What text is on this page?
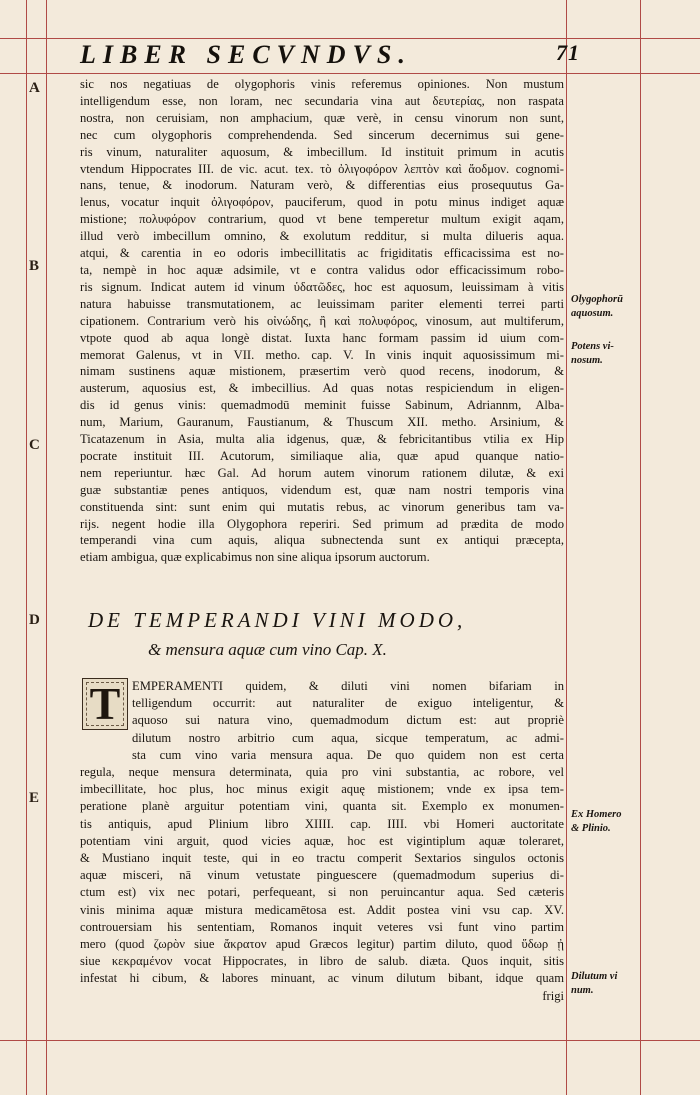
LIBER SECVNDVS.	71
A
B
C
D
E

sic nos negatiuas de olygophoris vinis referemus opiniones. Non mustum

intelligendum esse, non loram, nec secundaria vina aut δευτερίας, non raspata

nostra, non ceruisiam, non amphacium, quæ verè, in censu vinorum non sunt,

nec cum olygophoris comprehendenda. Sed sincerum decernimus sui gene-

ris vinum, naturaliter aquosum, & imbecillum. Id instituit primum in acutis

vtendum Hippocrates III. de vic. acut. tex. τὸ ὀλιγοφόρον λεπτὸν καὶ ἄοδμον. cognomi-

nans, tenue, & inodorum. Naturam verò, & differentias eius prosequutus Ga-

lenus, vocatur inquit ὀλιγοφόρον, pauciferum, quod in potu minus indiget aquæ

mistione; πολυφόρον contrarium, quod vt bene temperetur multum exigit aqam,

illud verò imbecillum omnino, & exolutum redditur, si multa dilueris aqua.

atqui, & carentia in eo odoris imbecillitatis ac frigiditatis efficacissima est no-

ta, nempè in hoc aquæ adsimile, vt e contra validus odor efficacissimum robo-

ris signum. Indicat autem id vinum ὑδατῶδες, hoc est aquosum, leuissimam à vitis

natura habuisse transmutationem, ac leuissimam pariter elementi terrei parti

cipationem. Contrarium verò his οἰνώδης, ἢ καὶ πολυφόρος, vinosum, aut multiferum,

vtpote quod ab aqua longè distat. Iuxta hanc formam passim id uium com-

memorat Galenus, vt in VII. metho. cap. V. In vinis inquit aquosissimum mi-

nimam sustinens aquæ mistionem, præsertim verò quod recens, inodorum, &

austerum, aquosius est, & imbecillius. Ad quas notas respiciendum in eligen-

dis id genus vinis: quemadmodū meminit fuisse Sabinum, Adriannm, Alba-

num, Marium, Gauranum, Faustianum, & Thuscum XII. metho. Arsinium, &

Ticatazenum in Asia, multa alia idgenus, quæ, & febricitantibus vtilia ex Hip

pocrate instituit III. Acutorum, similiaque alia, quæ apud quanque natio-

nem reperiuntur. hæc Gal. Ad horum autem vinorum rationem dilutæ, & exi

guæ substantiæ penes antiquos, videndum est, quæ nam nostri temporis vina

constituenda sint: sunt enim qui mutatis rebus, ac vinorum generibus tam va-

rijs. negent hodie illa Olygophora reperiri. Sed primum ad prædita de modo

temperandi vina cum aquis, aliqua subnectenda sunt ex antiqui præcepta,

etiam ambigua, quæ explicabimus non sine aliqua ipsorum auctorum.

DE TEMPERANDI VINI MODO,
& mensura aquæ cum vino Cap. X.
T EMPERAMENTI quidem, & diluti vini nomen bifariam in

telligendum occurrit: aut naturaliter de exiguo inteligentur, &

aquoso sui natura vino, quemadmodum dictum est: aut propriè

dilutum nostro arbitrio cum aqua, sicque temperatum, ac admi-

sta cum vino varia mensura aqua. De quo quidem non est certa

regula, neque mensura determinata, quia pro vini substantia, ac robore, vel

imbecillitate, hoc plus, hoc minus exigit aquę mistionem; vnde ex ipsa tem-

peratione planè arguitur potentiam vini, quanta sit. Exemplo ex monumen-

tis antiquis, apud Plinium libro XIIII. cap. IIII. vbi Homeri auctoritate

potentiam vini arguit, quod vicies aquæ, hoc est vigintiplum aquæ toleraret,

& Mustiano inquit teste, qui in eo tractu comperit Sextarios singulos octonis

aquæ misceri, nā vinum vetustate pinguescere (quemadmodum superius di-

ctum est) vix nec potari, perfequeant, si non peruincantur aqua. Sed cæteris

vinis minima aquæ mistura medicamētosa est. Addit postea vini vsu cap. XV.

controuersiam his sententiam, Romanos inquit veteres vsi funt vino partim

mero (quod ζωρὸν siue ἄκρατον apud Græcos legitur) partim diluto, quod ὕδωρ ᾐ

siue κεκραμένον vocat Hippocrates, in libro de salub. diæta. Quos inquit, sitis

infestat hi cibum, & labores minuant, ac vinum dilutum bibant, idque quam

frigi

Olygophorū
aquosum.
Potens vi-
nosum.
Ex Homero
& Plinio.
Dilutum vi
num.
